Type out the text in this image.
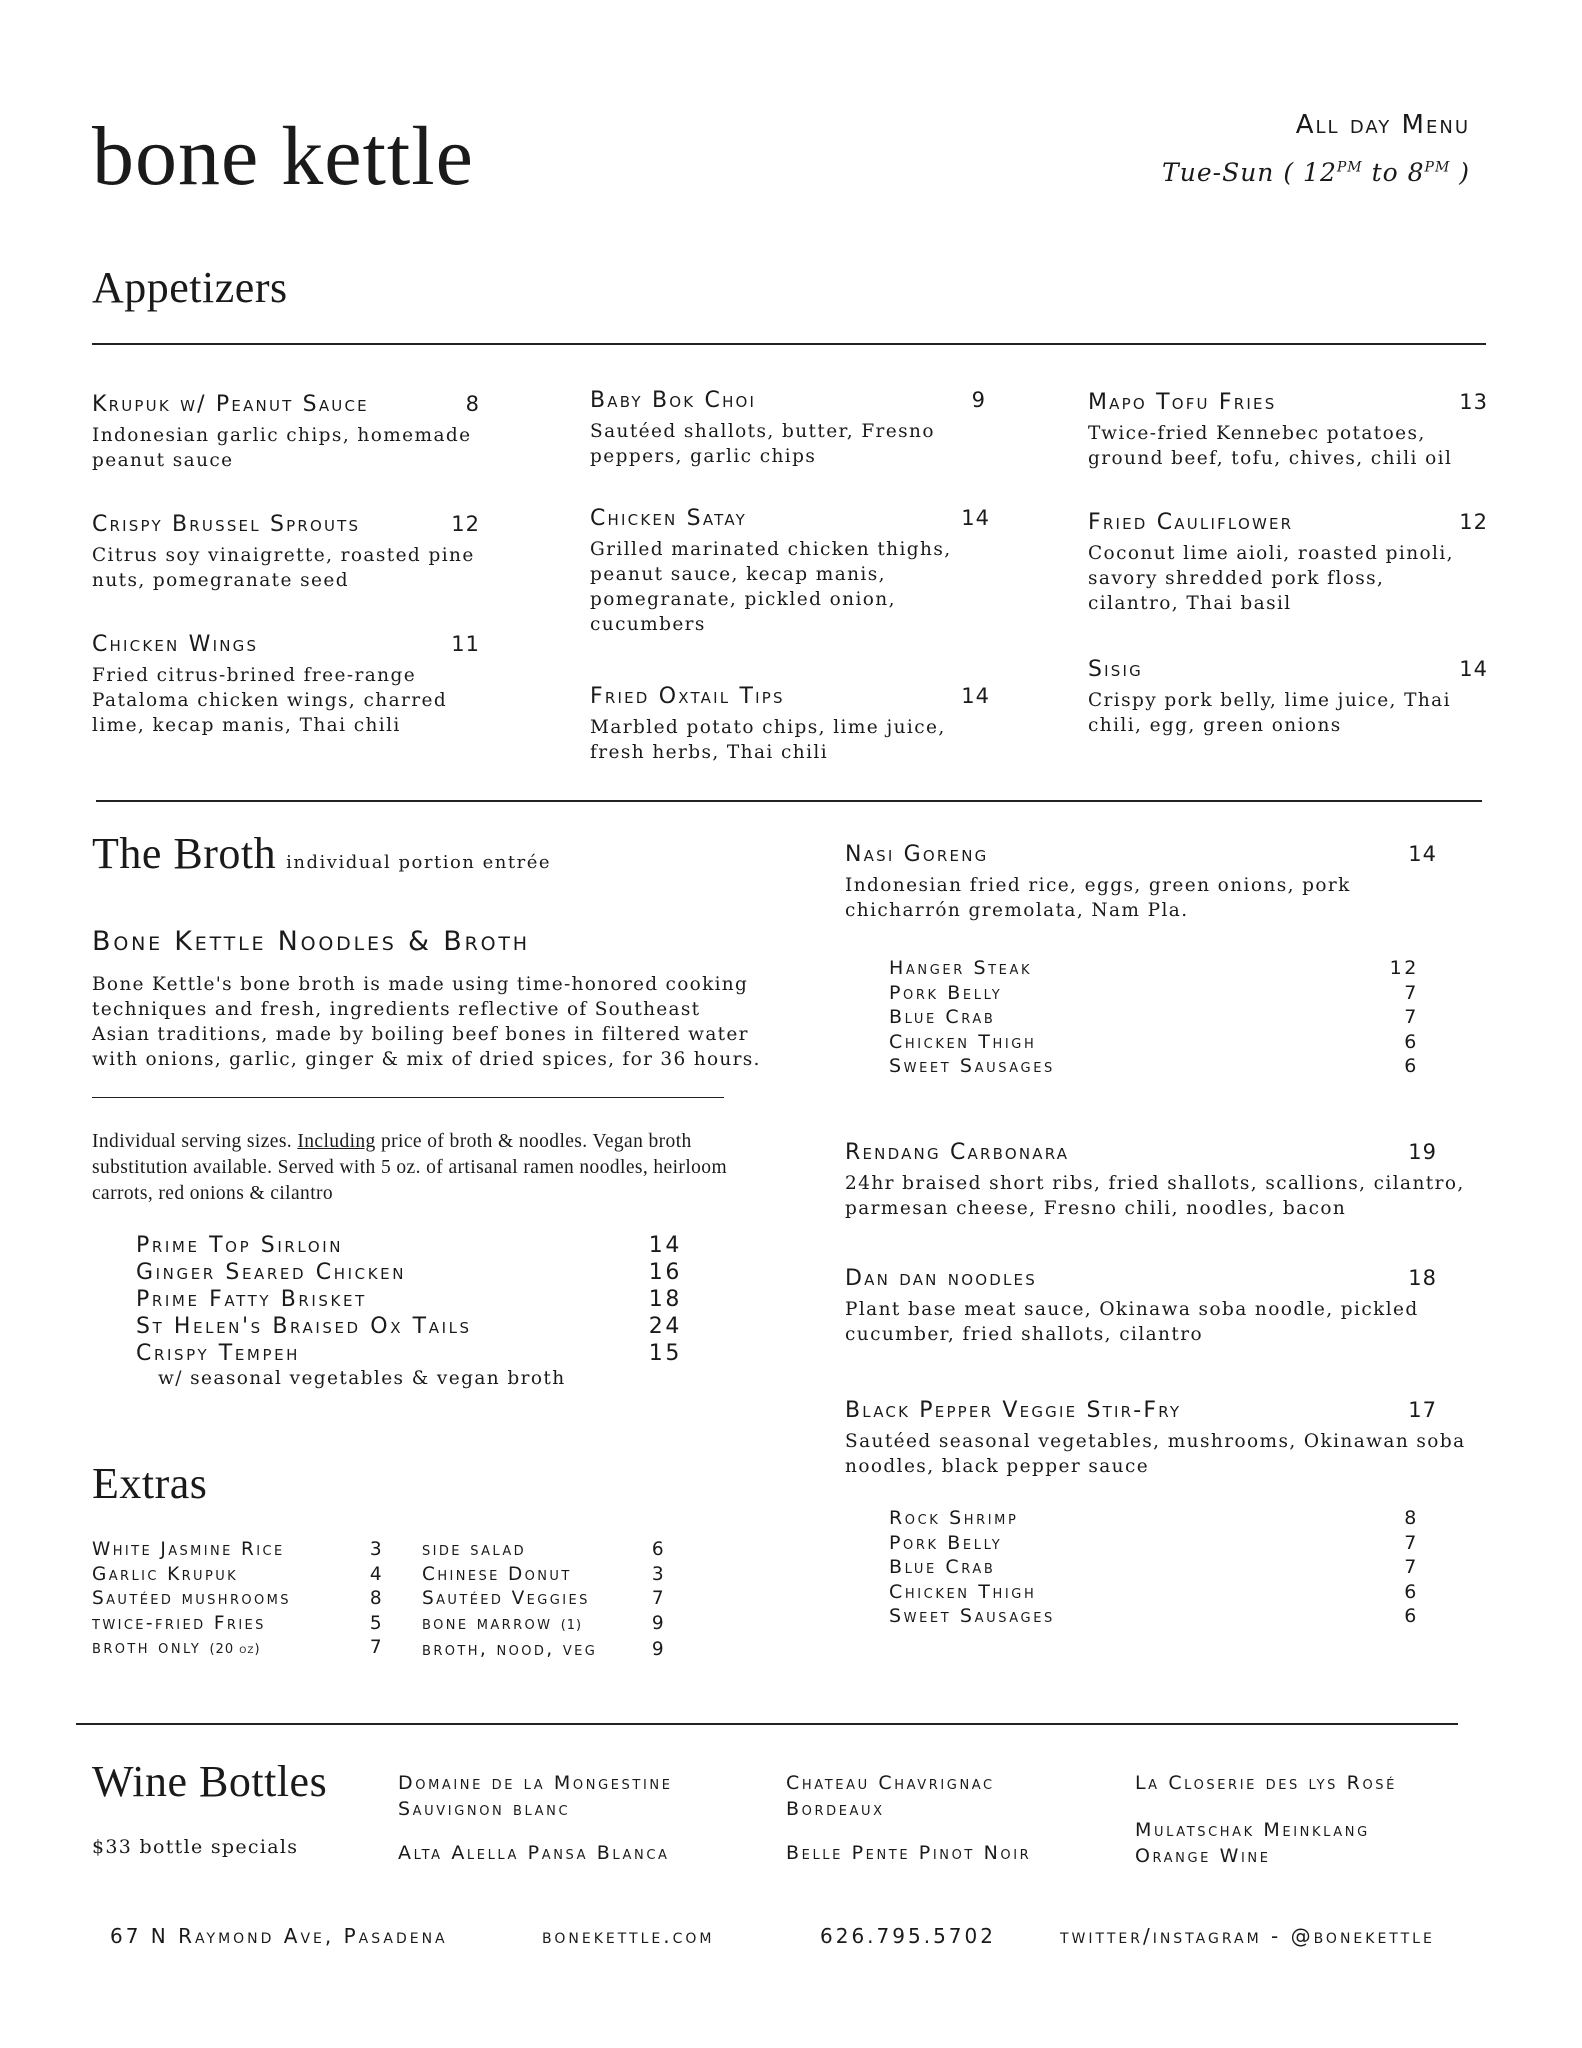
bone kettle	All day Menu
Tue-Sun ( $12^{PM}$ to $8^{PM}$ )
Appetizers
Krupuk w/ Peanut Sauce	8
Indonesian garlic chips, homemade peanut sauce
Crispy Brussel Sprouts	12
Citrus soy vinaigrette, roasted pine nuts, pomegranate seed
Chicken Wings	11
Fried citrus-brined free-range Pataloma chicken wings, charred lime, kecap manis, Thai chili
Baby Bok Choi	9
Sautéed shallots, butter, Fresno peppers, garlic chips
Chicken Satay	14
Grilled marinated chicken thighs, peanut sauce, kecap manis, pomegranate, pickled onion, cucumbers
Fried Oxtail Tips	14
Marbled potato chips, lime juice, fresh herbs, Thai chili
Mapo Tofu Fries	13
Twice-fried Kennebec potatoes, ground beef, tofu, chives, chili oil
Fried Cauliflower	12
Coconut lime aioli, roasted pinoli, savory shredded pork floss, cilantro, Thai basil
Sisig	14
Crispy pork belly, lime juice, Thai chili, egg, green onions
The Broth individual portion entrée
Bone Kettle Noodles & Broth
Bone Kettle's bone broth is made using time-honored cooking techniques and fresh, ingredients reflective of Southeast Asian traditions, made by boiling beef bones in filtered water with onions, garlic, ginger & mix of dried spices, for 36 hours.
Individual serving sizes. Including price of broth & noodles. Vegan broth substitution available. Served with 5 oz. of artisanal ramen noodles, heirloom carrots, red onions & cilantro
Prime Top Sirloin	14
Ginger Seared Chicken	16
Prime Fatty Brisket	18
St Helen's Braised Ox Tails	24
Crispy Tempeh	15
w/ seasonal vegetables & vegan broth
Extras
White Jasmine Rice	3
Garlic Krupuk	4
Sautéed mushrooms	8
twice-fried Fries	5
broth only (20 oz)	7
side salad	6
Chinese Donut	3
Sautéed Veggies	7
bone marrow (1)	9
broth, nood, veg	9
Nasi Goreng	14
Indonesian fried rice, eggs, green onions, pork chicharrón gremolata, Nam Pla.
Hanger Steak	12
Pork Belly	7
Blue Crab	7
Chicken Thigh	6
Sweet Sausages	6
Rendang Carbonara	19
24hr braised short ribs, fried shallots, scallions, cilantro, parmesan cheese, Fresno chili, noodles, bacon
Dan dan noodles	18
Plant base meat sauce, Okinawa soba noodle, pickled cucumber, fried shallots, cilantro
Black Pepper Veggie Stir-Fry	17
Sautéed seasonal vegetables, mushrooms, Okinawan soba noodles, black pepper sauce
Rock Shrimp	8
Pork Belly	7
Blue Crab	7
Chicken Thigh	6
Sweet Sausages	6
Wine Bottles
$33 bottle specials
Domaine de la Mongestine
Sauvignon blanc
Alta Alella Pansa Blanca
Chateau Chavrignac
Bordeaux
Belle Pente Pinot Noir
La Closerie des lys Rosé
Mulatschak Meinklang
Orange Wine
67 N Raymond Ave, Pasadena	bonekettle.com	626.795.5702	twitter/instagram - @bonekettle
